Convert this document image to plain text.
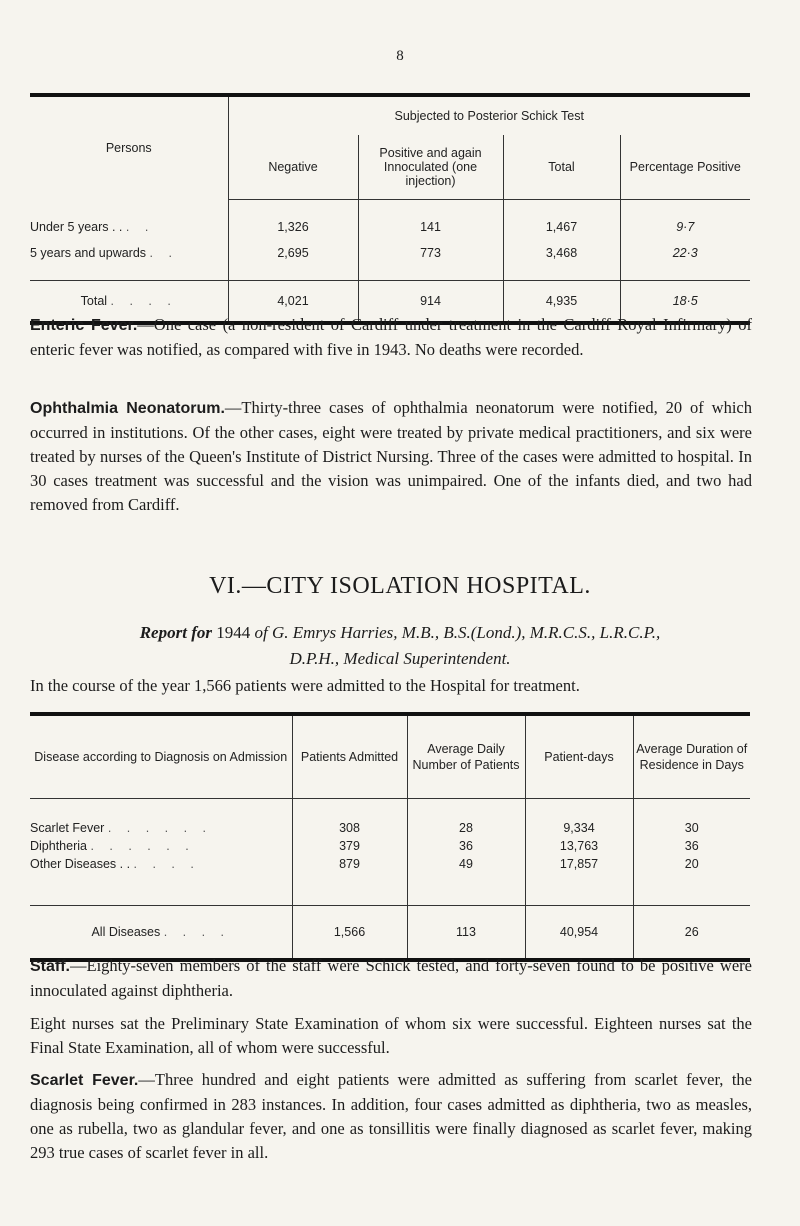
8
Persons	Subjected to Posterior Schick Test			
	Negative	Positive and again Innoculated (one injection)	Total	Percentage Positive
Under 5 years . . . .	1,326	141	1,467	9·7
5 years and upwards . .	2,695	773	3,468	22·3
Total . . . .	4,021	914	4,935	18·5

Enteric Fever.—One case (a non-resident of Cardiff under treatment in the Cardiff Royal Infirmary) of enteric fever was notified, as compared with five in 1943. No deaths were recorded.

Ophthalmia Neonatorum.—Thirty-three cases of ophthalmia neonatorum were notified, 20 of which occurred in institutions. Of the other cases, eight were treated by private medical practitioners, and six were treated by nurses of the Queen's Institute of District Nursing. Three of the cases were admitted to hospital. In 30 cases treatment was successful and the vision was unimpaired. One of the infants died, and two had removed from Cardiff.

VI.—CITY ISOLATION HOSPITAL.
Report for 1944 of G. Emrys Harries, M.B., B.S.(Lond.), M.R.C.S., L.R.C.P.,
D.P.H., Medical Superintendent.

In the course of the year 1,566 patients were admitted to the Hospital for treatment.

Disease according to Diagnosis on Admission	Patients Admitted	Average Daily Number of Patients	Patient-days	Average Duration of Residence in Days
Scarlet Fever . . . . . .	308	28	9,334	30
Diphtheria . . . . . .	379	36	13,763	36
Other Diseases . . . . . .	879	49	17,857	20
All Diseases . . . .	1,566	113	40,954	26

Staff.—Eighty-seven members of the staff were Schick tested, and forty-seven found to be positive were innoculated against diphtheria.

Eight nurses sat the Preliminary State Examination of whom six were successful. Eighteen nurses sat the Final State Examination, all of whom were successful.

Scarlet Fever.—Three hundred and eight patients were admitted as suffering from scarlet fever, the diagnosis being confirmed in 283 instances. In addition, four cases admitted as diphtheria, two as measles, one as rubella, two as glandular fever, and one as tonsillitis were finally diagnosed as scarlet fever, making 293 true cases of scarlet fever in all.
